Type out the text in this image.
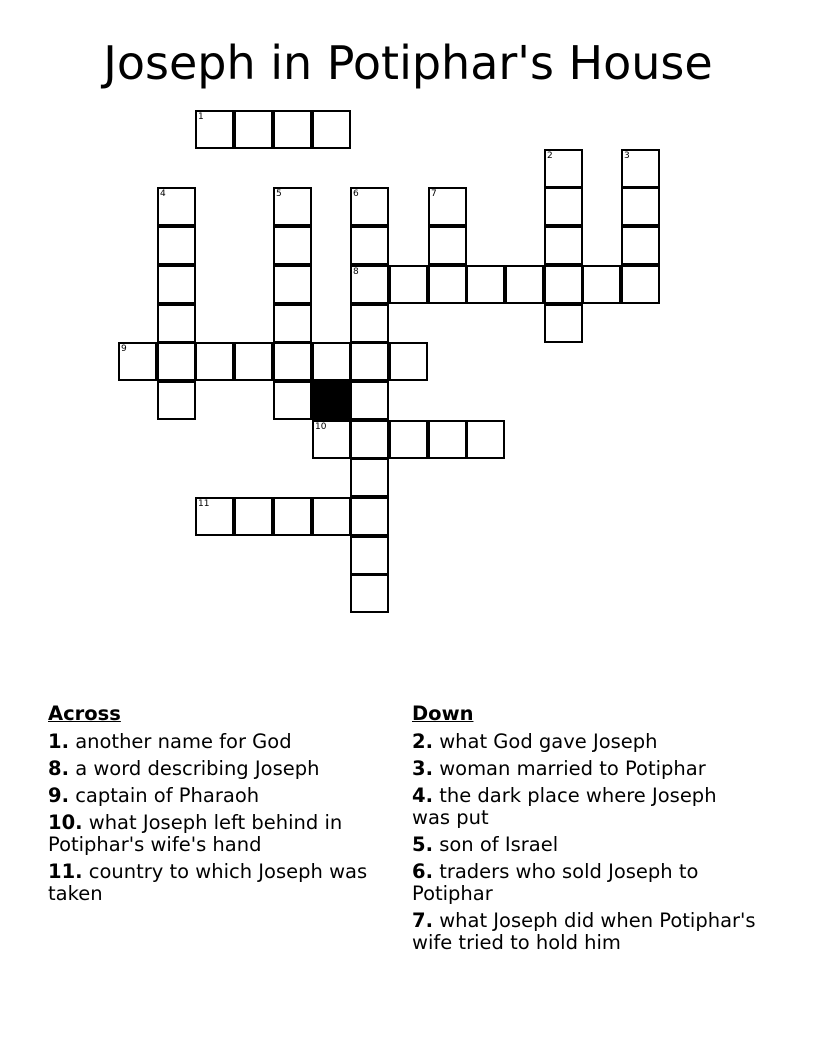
Joseph in Potiphar's House
1
2	3
4	5	6	7
8
9
10
11
Across
1. another name for God
8. a word describing Joseph
9. captain of Pharaoh
10. what Joseph left behind in Potiphar's wife's hand
11. country to which Joseph was taken
Down
2. what God gave Joseph
3. woman married to Potiphar
4. the dark place where Joseph was put
5. son of Israel
6. traders who sold Joseph to Potiphar
7. what Joseph did when Potiphar's wife tried to hold him
